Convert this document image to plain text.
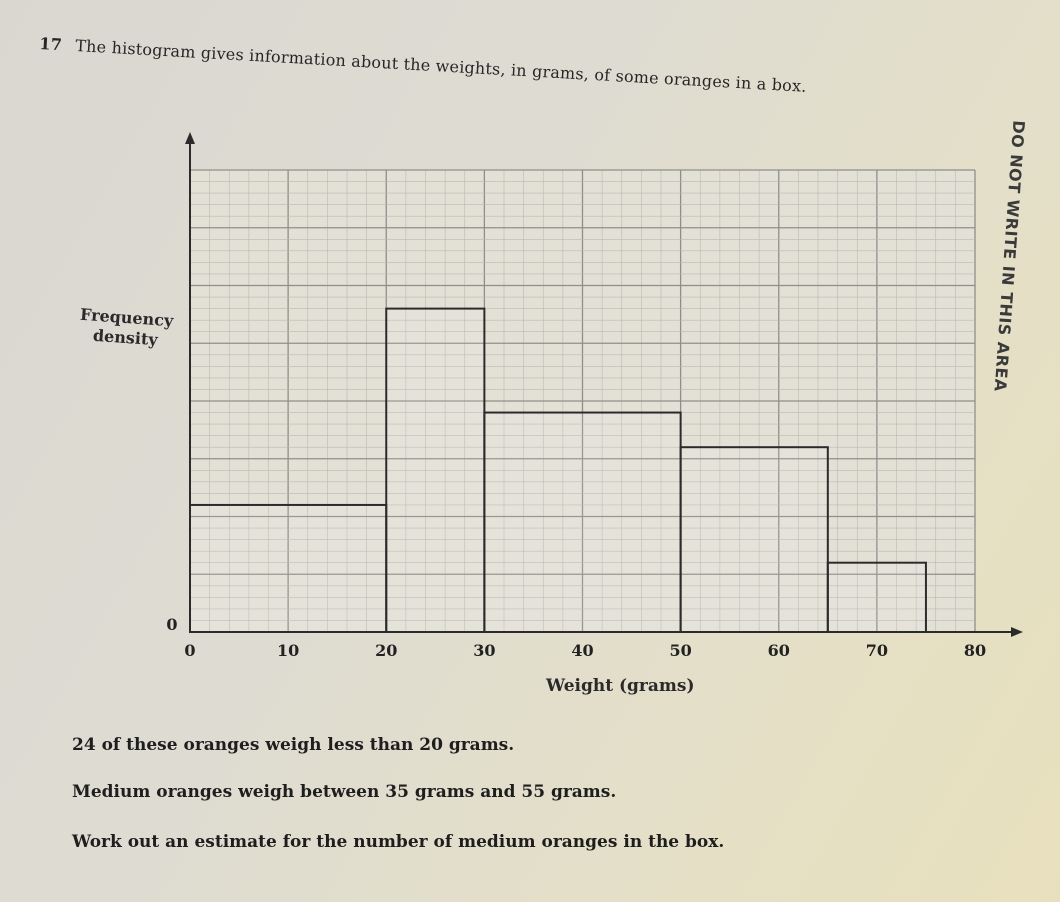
17 The histogram gives information about the weights, in grams, of some oranges in a box.
DO NOT WRITE IN THIS AREA
Frequency density
0	10	20	30	40	50	60	70	80
0
Weight (grams)
24 of these oranges weigh less than 20 grams.
Medium oranges weigh between 35 grams and 55 grams.
Work out an estimate for the number of medium oranges in the box.
